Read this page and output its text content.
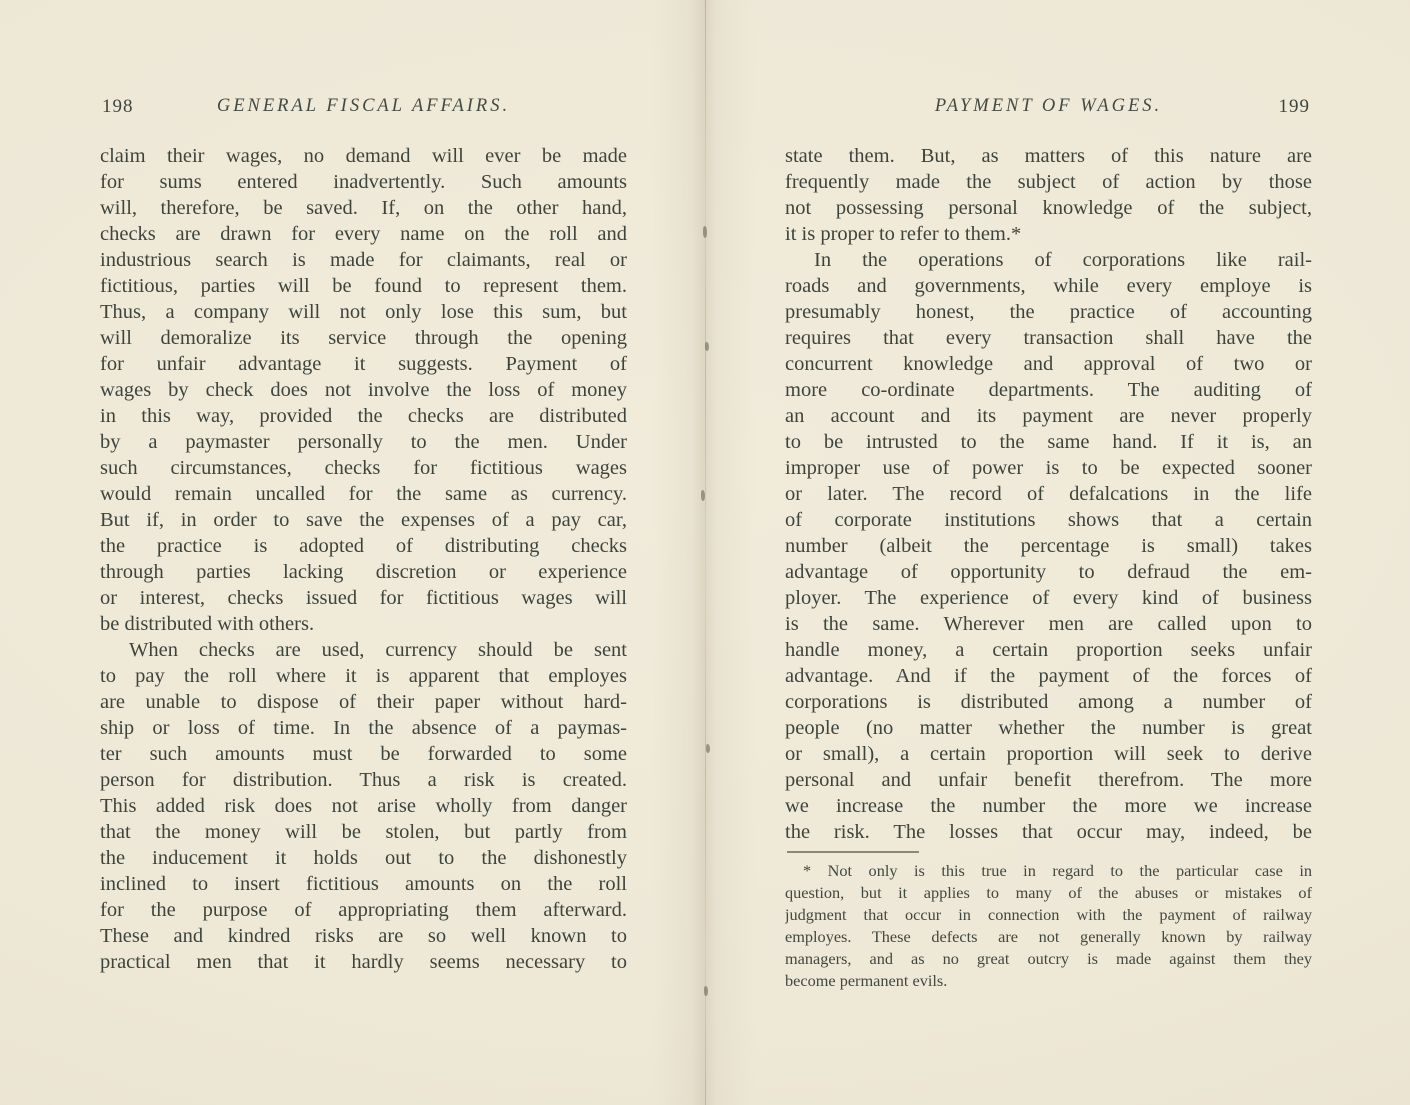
198	GENERAL FISCAL AFFAIRS.
claim their wages, no demand will ever be made
for sums entered inadvertently. Such amounts
will, therefore, be saved. If, on the other hand,
checks are drawn for every name on the roll and
industrious search is made for claimants, real or
fictitious, parties will be found to represent them.
Thus, a company will not only lose this sum, but
will demoralize its service through the opening
for unfair advantage it suggests. Payment of
wages by check does not involve the loss of money
in this way, provided the checks are distributed
by a paymaster personally to the men. Under
such circumstances, checks for fictitious wages
would remain uncalled for the same as currency.
But if, in order to save the expenses of a pay car,
the practice is adopted of distributing checks
through parties lacking discretion or experience
or interest, checks issued for fictitious wages will
be distributed with others.
When checks are used, currency should be sent
to pay the roll where it is apparent that employes
are unable to dispose of their paper without hard-
ship or loss of time. In the absence of a paymas-
ter such amounts must be forwarded to some
person for distribution. Thus a risk is created.
This added risk does not arise wholly from danger
that the money will be stolen, but partly from
the inducement it holds out to the dishonestly
inclined to insert fictitious amounts on the roll
for the purpose of appropriating them afterward.
These and kindred risks are so well known to
practical men that it hardly seems necessary to
PAYMENT OF WAGES.	199
state them. But, as matters of this nature are
frequently made the subject of action by those
not possessing personal knowledge of the subject,
it is proper to refer to them.*
In the operations of corporations like rail-
roads and governments, while every employe is
presumably honest, the practice of accounting
requires that every transaction shall have the
concurrent knowledge and approval of two or
more co-ordinate departments. The auditing of
an account and its payment are never properly
to be intrusted to the same hand. If it is, an
improper use of power is to be expected sooner
or later. The record of defalcations in the life
of corporate institutions shows that a certain
number (albeit the percentage is small) takes
advantage of opportunity to defraud the em-
ployer. The experience of every kind of business
is the same. Wherever men are called upon to
handle money, a certain proportion seeks unfair
advantage. And if the payment of the forces of
corporations is distributed among a number of
people (no matter whether the number is great
or small), a certain proportion will seek to derive
personal and unfair benefit therefrom. The more
we increase the number the more we increase
the risk. The losses that occur may, indeed, be
* Not only is this true in regard to the particular case in
question, but it applies to many of the abuses or mistakes of
judgment that occur in connection with the payment of railway
employes. These defects are not generally known by railway
managers, and as no great outcry is made against them they
become permanent evils.
